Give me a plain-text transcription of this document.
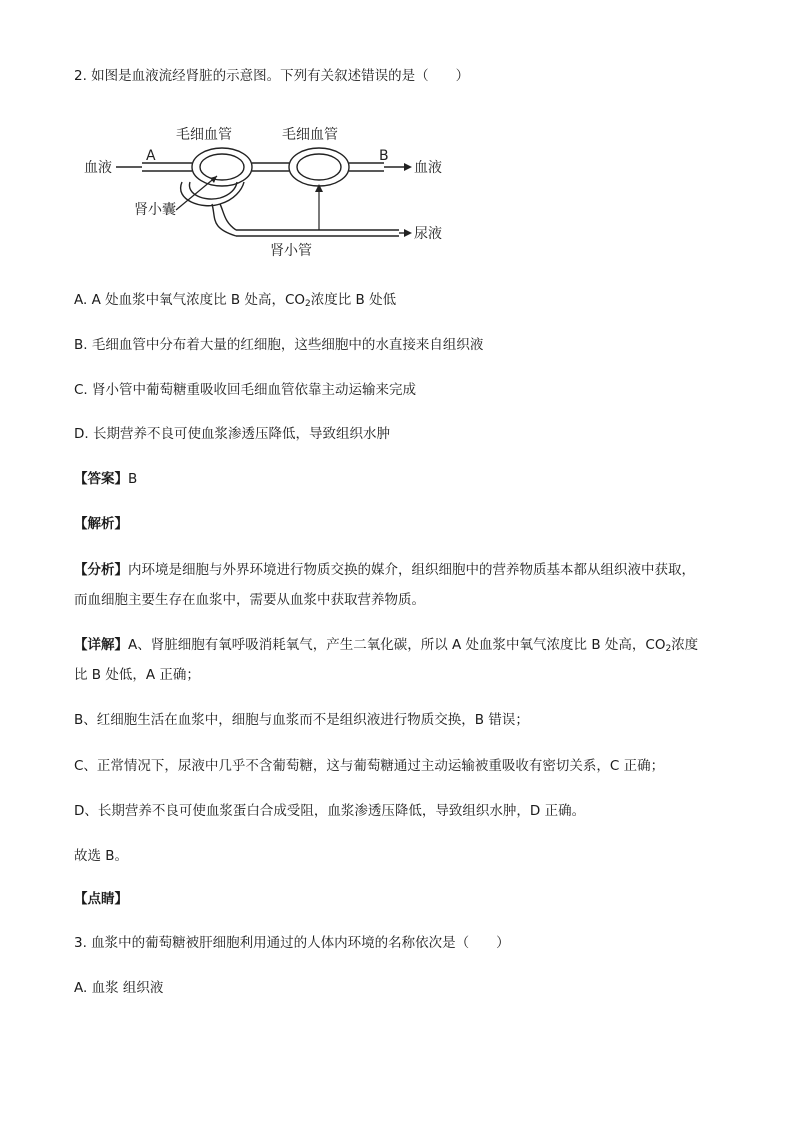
2. 如图是血液流经肾脏的示意图。下列有关叙述错误的是（　　）
毛细血管	毛细血管
血液
A	B
血液
尿液
肾小囊
肾小管
A. A 处血浆中氧气浓度比 B 处高，$CO_2$浓度比 B 处低
B. 毛细血管中分布着大量的红细胞，这些细胞中的水直接来自组织液
C. 肾小管中葡萄糖重吸收回毛细血管依靠主动运输来完成
D. 长期营养不良可使血浆渗透压降低，导致组织水肿
【答案】B
【解析】
【分析】内环境是细胞与外界环境进行物质交换的媒介，组织细胞中的营养物质基本都从组织液中获取，
而血细胞主要生存在血浆中，需要从血浆中获取营养物质。
【详解】A、肾脏细胞有氧呼吸消耗氧气，产生二氧化碳，所以 A 处血浆中氧气浓度比 B 处高，$CO_2$浓度
比 B 处低，A 正确；
B、红细胞生活在血浆中，细胞与血浆而不是组织液进行物质交换，B 错误；
C、正常情况下，尿液中几乎不含葡萄糖，这与葡萄糖通过主动运输被重吸收有密切关系，C 正确；
D、长期营养不良可使血浆蛋白合成受阻，血浆渗透压降低，导致组织水肿，D 正确。
故选 B。
【点睛】
3. 血浆中的葡萄糖被肝细胞利用通过的人体内环境的名称依次是（　　）
A. 血浆 组织液
